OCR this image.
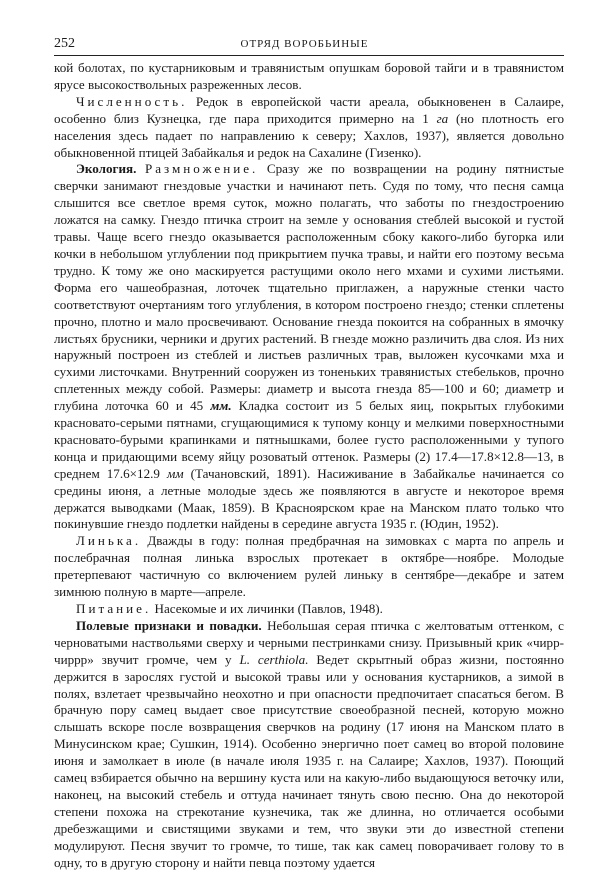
252	ОТРЯД ВОРОБЬИНЫЕ

кой болотах, по кустарниковым и травянистым опушкам боровой тайги и в травянистом ярусе высокоствольных разреженных лесов.

Численность. Редок в европейской части ареала, обыкновенен в Салаире, особенно близ Кузнецка, где пара приходится примерно на 1 га (но плотность его населения здесь падает по направлению к северу; Хахлов, 1937), является довольно обыкновенной птицей Забайкалья и редок на Сахалине (Гизенко).

Экология. Размножение. Сразу же по возвращении на родину пятнистые сверчки занимают гнездовые участки и начинают петь. Судя по тому, что песня самца слышится все светлое время суток, можно полагать, что заботы по гнездостроению ложатся на самку. Гнездо птичка строит на земле у основания стеблей высокой и густой травы. Чаще всего гнездо оказывается расположенным сбоку какого-либо бугорка или кочки в небольшом углублении под прикрытием пучка травы, и найти его поэтому весьма трудно. К тому же оно маскируется растущими около него мхами и сухими листьями. Форма его чашеобразная, лоточек тщательно приглажен, а наружные стенки часто соответствуют очертаниям того углубления, в котором построено гнездо; стенки сплетены прочно, плотно и мало просвечивают. Основание гнезда покоится на собранных в ямочку листьях брусники, черники и других растений. В гнезде можно различить два слоя. Из них наружный построен из стеблей и листьев различных трав, выложен кусочками мха и сухими листочками. Внутренний сооружен из тоненьких травянистых стебельков, прочно сплетенных между собой. Размеры: диаметр и высота гнезда 85—100 и 60; диаметр и глубина лоточка 60 и 45 мм. Кладка состоит из 5 белых яиц, покрытых глубокими красновато-серыми пятнами, сгущающимися к тупому концу и мелкими поверхностными красновато-бурыми крапинками и пятнышками, более густо расположенными у тупого конца и придающими всему яйцу розоватый оттенок. Размеры (2) 17.4—17.8×12.8—13, в среднем 17.6×12.9 мм (Тачановский, 1891). Насиживание в Забайкалье начинается со средины июня, а летные молодые здесь же появляются в августе и некоторое время держатся выводками (Маак, 1859). В Красноярском крае на Манском плато только что покинувшие гнездо подлетки найдены в середине августа 1935 г. (Юдин, 1952).

Линька. Дважды в году: полная предбрачная на зимовках с марта по апрель и послебрачная полная линька взрослых протекает в октябре—ноябре. Молодые претерпевают частичную со включением рулей линьку в сентябре—декабре и затем зимнюю полную в марте—апреле.

Питание. Насекомые и их личинки (Павлов, 1948).

Полевые признаки и повадки. Небольшая серая птичка с желтоватым оттенком, с черноватыми наствольями сверху и черными пестринками снизу. Призывный крик «чирр-чиррр» звучит громче, чем у L. certhiola. Ведет скрытный образ жизни, постоянно держится в зарослях густой и высокой травы или у основания кустарников, а зимой в полях, взлетает чрезвычайно неохотно и при опасности предпочитает спасаться бегом. В брачную пору самец выдает свое присутствие своеобразной песней, которую можно слышать вскоре после возвращения сверчков на родину (17 июня на Манском плато в Минусинском крае; Сушкин, 1914). Особенно энергично поет самец во второй половине июня и замолкает в июле (в начале июля 1935 г. на Салаире; Хахлов, 1937). Поющий самец взбирается обычно на вершину куста или на какую-либо выдающуюся веточку или, наконец, на высокий стебель и оттуда начинает тянуть свою песню. Она до некоторой степени похожа на стрекотание кузнечика, так же длинна, но отличается особыми дребезжащими и свистящими звуками и тем, что звуки эти до известной степени модулируют. Песня звучит то громче, то тише, так как самец поворачивает голову то в одну, то в другую сторону и найти певца поэтому удается
